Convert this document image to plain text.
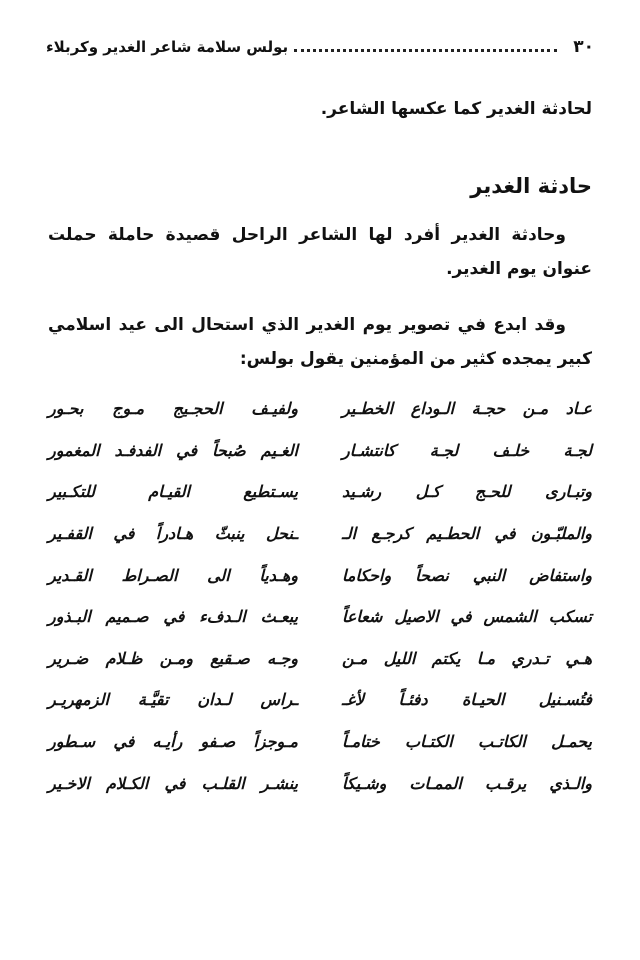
٣٠
بولس سلامة شاعر الغدير وكربلاء

لحادثة الغدير كما عكسها الشاعر.

حادثة الغدير

وحادثة الغدير أفرد لها الشاعر الراحل قصيدة حاملة حملت عنوان يوم الغدير.

وقد ابدع في تصوير يوم الغدير الذي استحال الى عيد اسلامي كبير يمجده كثير من المؤمنين يقول بولس:

عـاد مـن حجـة الـوداع الخطـير
ولفيـف الحجـيج مـوج بحـور
لجـة خلـف لجـة كانتشـار
الغـيم صُبحاً في الفدفـد المغمور
وتبـارى للحـج كـل رشـيد
يسـتطيع القيـام للتكـبير
والملبّـون في الحطـيم كرجـع الـ
ـنحل ينبثّ هـادراً في القفـير
واستفاض النبي نصحاً واحكاما
وهـدياً الى الصـراط القـدير
تسكب الشمس في الاصيل شعاعاً
يبعـث الـدفء في صـميم البـذور
هـي تـدري مـا يكتم الليل مـن
وجـه صـقيع ومـن ظـلام ضـرير
فتُسـنيل الحيـاة دفئـاً لأغـ
ـراس لـدان تقيَّـة الزمهريـر
يحمـل الكاتـب الكتـاب ختامـاً
مـوجزاً صـفو رأيـه في سـطور
والـذي يرقـب الممـات وشـيكاً
ينشـر القلـب في الكـلام الاخـير
